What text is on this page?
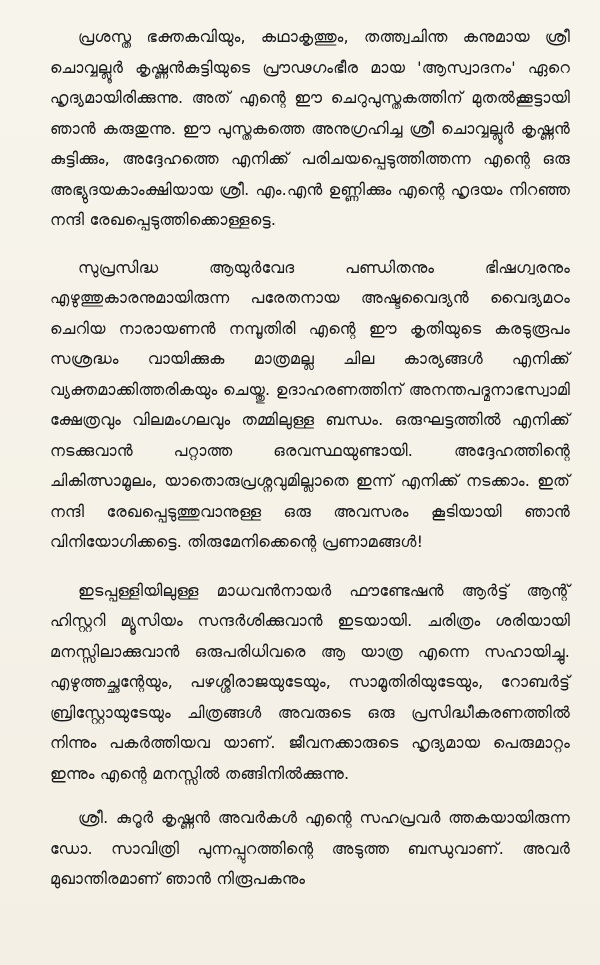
പ്രശസ്ത ഭക്തകവിയും, കഥാകൃത്തും, തത്ത്വചിന്ത കനുമായ ശ്രീ ചൊവ്വല്ലൂർ കൃഷ്ണൻകുട്ടിയുടെ പ്രൗഢഗംഭീര മായ 'ആസ്വാദനം' ഏറെ ഹൃദ്യമായിരിക്കുന്നു. അത് എന്റെ ഈ ചെറുപുസ്തകത്തിന് മുതൽക്കൂട്ടായി ഞാൻ കരുതുന്നു. ഈ പുസ്തകത്തെ അനുഗ്രഹിച്ച ശ്രീ ചൊവ്വല്ലൂർ കൃഷ്ണൻ കുട്ടിക്കും, അദ്ദേഹത്തെ എനിക്ക് പരിചയപ്പെടുത്തിത്തന്ന എന്റെ ഒരു അഭ്യുദയകാംക്ഷിയായ ശ്രീ. എം.എൻ ഉണ്ണിക്കും എന്റെ ഹൃദയം നിറഞ്ഞ നന്ദി രേഖപ്പെടുത്തിക്കൊള്ളട്ടെ.

സുപ്രസിദ്ധ ആയുർവേദ പണ്ഡിതനും ഭിഷഗ്വരനും എഴുത്തുകാരനുമായിരുന്ന പരേതനായ അഷ്ടവൈദ്യൻ വൈദ്യമഠം ചെറിയ നാരായണൻ നമ്പൂതിരി എന്റെ ഈ കൃതിയുടെ കരടുരൂപം സശ്രദ്ധം വായിക്കുക മാത്രമല്ല ചില കാര്യങ്ങൾ എനിക്ക് വ്യക്തമാക്കിത്തരികയും ചെയ്തു. ഉദാഹരണത്തിന് അനന്തപദ്മനാഭസ്വാമി ക്ഷേത്രവും വിലമംഗലവും തമ്മിലുള്ള ബന്ധം. ഒരുഘട്ടത്തിൽ എനിക്ക് നടക്കുവാൻ പറ്റാത്ത ഒരവസ്ഥയുണ്ടായി. അദ്ദേഹത്തിന്റെ ചികിത്സാമൂലം, യാതൊരുപ്രശ്നവുമില്ലാതെ ഇന്ന് എനിക്ക് നടക്കാം. ഇത് നന്ദി രേഖപ്പെടുത്തുവാനുള്ള ഒരു അവസരം കൂടിയായി ഞാൻ വിനിയോഗിക്കട്ടെ. തിരുമേനിക്കെന്റെ പ്രണാമങ്ങൾ!

ഇടപ്പള്ളിയിലുള്ള മാധവൻനായർ ഫൗണ്ടേഷൻ ആർട്ട് ആന്റ് ഹിസ്റ്ററി മ്യൂസിയം സന്ദർശിക്കുവാൻ ഇടയായി. ചരിത്രം ശരിയായി മനസ്സിലാക്കുവാൻ ഒരുപരിധിവരെ ആ യാത്ര എന്നെ സഹായിച്ചു. എഴുത്തച്ഛന്റേയും, പഴശ്ശിരാജയുടേയും, സാമൂതിരിയുടേയും, റോബർട്ട് ബ്രിസ്റ്റോയുടേയും ചിത്രങ്ങൾ അവരുടെ ഒരു പ്രസിദ്ധീകരണത്തിൽ നിന്നും പകർത്തിയവ യാണ്. ജീവനക്കാരുടെ ഹൃദ്യമായ പെരുമാറ്റം ഇന്നും എന്റെ മനസ്സിൽ തങ്ങിനിൽക്കുന്നു.

ശ്രീ. കുറൂർ കൃഷ്ണൻ അവർകൾ എന്റെ സഹപ്രവർ ത്തകയായിരുന്ന ഡോ. സാവിത്രി പുന്നപ്പുറത്തിന്റെ അടുത്ത ബന്ധുവാണ്. അവർ മുഖാന്തിരമാണ് ഞാൻ നിരൂപകനും
